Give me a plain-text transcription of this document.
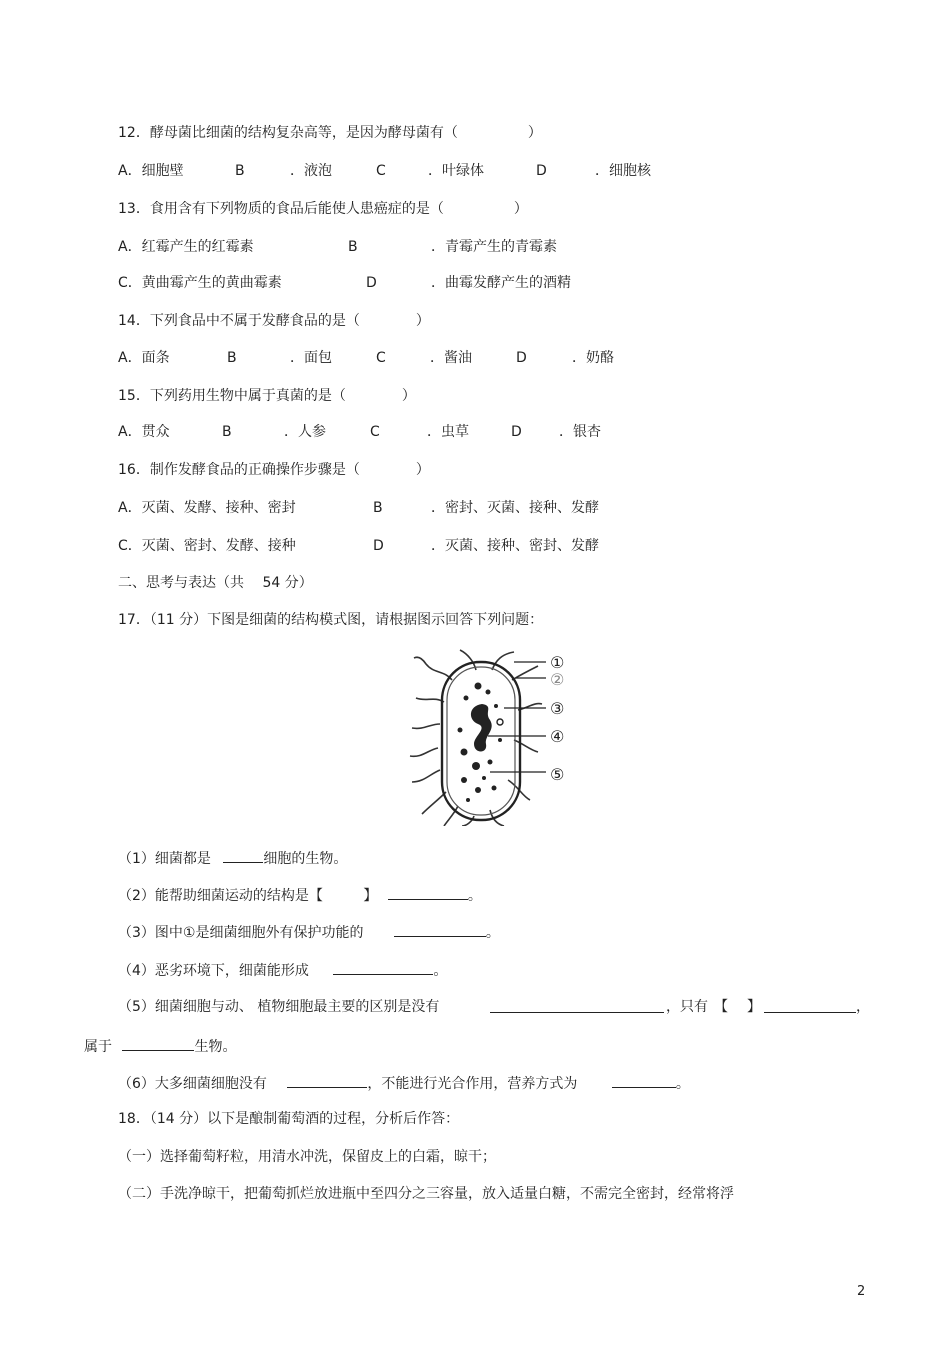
12．酵母菌比细菌的结构复杂高等，是因为酵母菌有（　　　　　）
A．细胞壁	B	．液泡	C	．叶绿体	D	．细胞核
13．食用含有下列物质的食品后能使人患癌症的是（　　　　　）
A．红霉产生的红霉素	B	．青霉产生的青霉素
C．黄曲霉产生的黄曲霉素	D	．曲霉发酵产生的酒精
14．下列食品中不属于发酵食品的是（　　　　）
A．面条	B	．面包	C	．酱油	D	．奶酪
15．下列药用生物中属于真菌的是（　　　　）
A．贯众	B	．人参	C	．虫草	D	．银杏
16．制作发酵食品的正确操作步骤是（　　　　）
A．灭菌、发酵、接种、密封	B	．密封、灭菌、接种、发酵
C．灭菌、密封、发酵、接种	D	．灭菌、接种、密封、发酵
二、思考与表达（共　 54 分）
17．（11 分）下图是细菌的结构模式图，请根据图示回答下列问题：
①
②
③
④
⑤
（1）细菌都是	细胞的生物。
（2）能帮助细菌运动的结构是【	】	。
（3）图中①是细菌细胞外有保护功能的	。
（4）恶劣环境下，细菌能形成	。
（5）细菌细胞与动、 植物细胞最主要的区别是没有	，只有 【 】	，
属于	生物。
（6）大多细菌细胞没有	，不能进行光合作用，营养方式为	。
18．（14 分）以下是酿制葡萄酒的过程，分析后作答：
（一）选择葡萄籽粒，用清水冲洗，保留皮上的白霜，晾干；
（二）手洗净晾干，把葡萄抓烂放进瓶中至四分之三容量，放入适量白糖，不需完全密封，经常将浮
2
